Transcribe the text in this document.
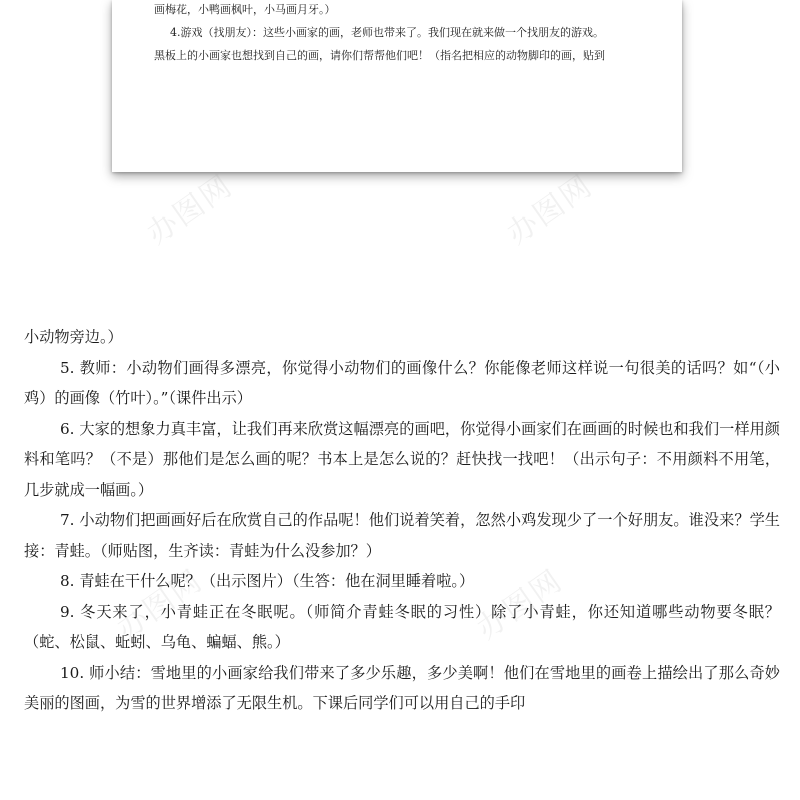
画梅花，小鸭画枫叶，小马画月牙。）
4.游戏（找朋友）：这些小画家的画，老师也带来了。我们现在就来做一个找朋友的游戏。
黑板上的小画家也想找到自己的画，请你们帮帮他们吧！（指名把相应的动物脚印的画，贴到
办图网	办图网
办图网	办图网

小动物旁边。）

5. 教师：小动物们画得多漂亮，你觉得小动物们的画像什么？你能像老师这样说一句很美的话吗？如“（小鸡）的画像（竹叶）。”（课件出示）

6. 大家的想象力真丰富，让我们再来欣赏这幅漂亮的画吧，你觉得小画家们在画画的时候也和我们一样用颜料和笔吗？（不是）那他们是怎么画的呢？书本上是怎么说的？赶快找一找吧！（出示句子：不用颜料不用笔，几步就成一幅画。）

7. 小动物们把画画好后在欣赏自己的作品呢！他们说着笑着，忽然小鸡发现少了一个好朋友。谁没来？学生接：青蛙。（师贴图，生齐读：青蛙为什么没参加？）

8. 青蛙在干什么呢？（出示图片）（生答：他在洞里睡着啦。）

9. 冬天来了，小青蛙正在冬眠呢。（师简介青蛙冬眠的习性）除了小青蛙，你还知道哪些动物要冬眠？（蛇、松鼠、蚯蚓、乌龟、蝙蝠、熊。）

10. 师小结：雪地里的小画家给我们带来了多少乐趣，多少美啊！他们在雪地里的画卷上描绘出了那么奇妙美丽的图画，为雪的世界增添了无限生机。下课后同学们可以用自己的手印
